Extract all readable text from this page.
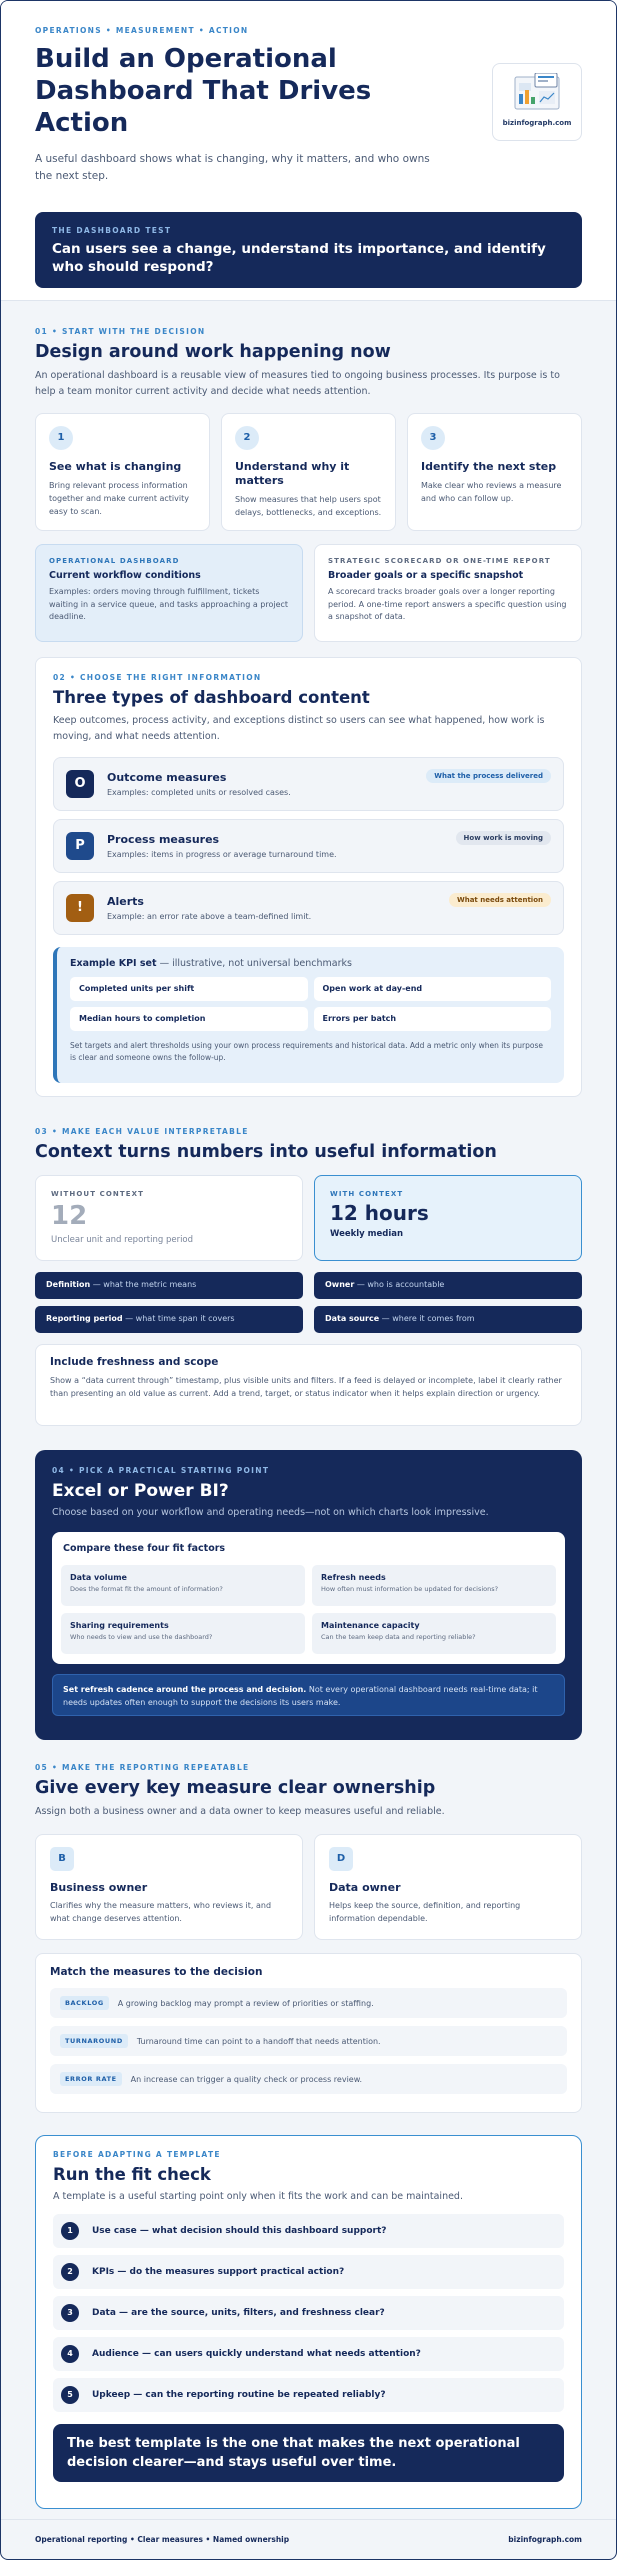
OPERATIONS • MEASUREMENT • ACTION
Build an Operational Dashboard That Drives Action

A useful dashboard shows what is changing, why it matters, and who owns the next step.

bizinfograph.com
THE DASHBOARD TEST
Can users see a change, understand its importance, and identify who should respond?
01 • START WITH THE DECISION
Design around work happening now

An operational dashboard is a reusable view of measures tied to ongoing business processes. Its purpose is to help a team monitor current activity and decide what needs attention.

1
See what is changing

Bring relevant process information together and make current activity easy to scan.

2
Understand why it matters

Show measures that help users spot delays, bottlenecks, and exceptions.

3
Identify the next step

Make clear who reviews a measure and who can follow up.

OPERATIONAL DASHBOARD
Current workflow conditions

Examples: orders moving through fulfillment, tickets waiting in a service queue, and tasks approaching a project deadline.

STRATEGIC SCORECARD OR ONE-TIME REPORT
Broader goals or a specific snapshot

A scorecard tracks broader goals over a longer reporting period. A one-time report answers a specific question using a snapshot of data.

02 • CHOOSE THE RIGHT INFORMATION
Three types of dashboard content

Keep outcomes, process activity, and exceptions distinct so users can see what happened, how work is moving, and what needs attention.

O	Outcome measures

Examples: completed units or resolved cases.

What the process delivered
P	Process measures

Examples: items in progress or average turnaround time.

How work is moving
!	Alerts

Example: an error rate above a team-defined limit.

What needs attention
Example KPI set — illustrative, not universal benchmarks
Completed units per shift	Open work at day-end
Median hours to completion	Errors per batch

Set targets and alert thresholds using your own process requirements and historical data. Add a metric only when its purpose is clear and someone owns the follow-up.

03 • MAKE EACH VALUE INTERPRETABLE
Context turns numbers into useful information
WITHOUT CONTEXT
12
Unclear unit and reporting period
WITH CONTEXT
12 hours
Weekly median
Definition — what the metric means	Owner — who is accountable
Reporting period — what time span it covers	Data source — where it comes from
Include freshness and scope

Show a “data current through” timestamp, plus visible units and filters. If a feed is delayed or incomplete, label it clearly rather than presenting an old value as current. Add a trend, target, or status indicator when it helps explain direction or urgency.

04 • PICK A PRACTICAL STARTING POINT
Excel or Power BI?

Choose based on your workflow and operating needs—not on which charts look impressive.

Compare these four fit factors
Data volume
Does the format fit the amount of information?
Refresh needs
How often must information be updated for decisions?
Sharing requirements
Who needs to view and use the dashboard?
Maintenance capacity
Can the team keep data and reporting reliable?
Set refresh cadence around the process and decision. Not every operational dashboard needs real-time data; it needs updates often enough to support the decisions its users make.
05 • MAKE THE REPORTING REPEATABLE
Give every key measure clear ownership

Assign both a business owner and a data owner to keep measures useful and reliable.

B
Business owner

Clarifies why the measure matters, who reviews it, and what change deserves attention.

D
Data owner

Helps keep the source, definition, and reporting information dependable.

Match the measures to the decision
BACKLOG	A growing backlog may prompt a review of priorities or staffing.
TURNAROUND	Turnaround time can point to a handoff that needs attention.
ERROR RATE	An increase can trigger a quality check or process review.
BEFORE ADAPTING A TEMPLATE
Run the fit check

A template is a useful starting point only when it fits the work and can be maintained.

1	Use case — what decision should this dashboard support?
2	KPIs — do the measures support practical action?
3	Data — are the source, units, filters, and freshness clear?
4	Audience — can users quickly understand what needs attention?
5	Upkeep — can the reporting routine be repeated reliably?
The best template is the one that makes the next operational decision clearer—and stays useful over time.
Operational reporting • Clear measures • Named ownership	bizinfograph.com
